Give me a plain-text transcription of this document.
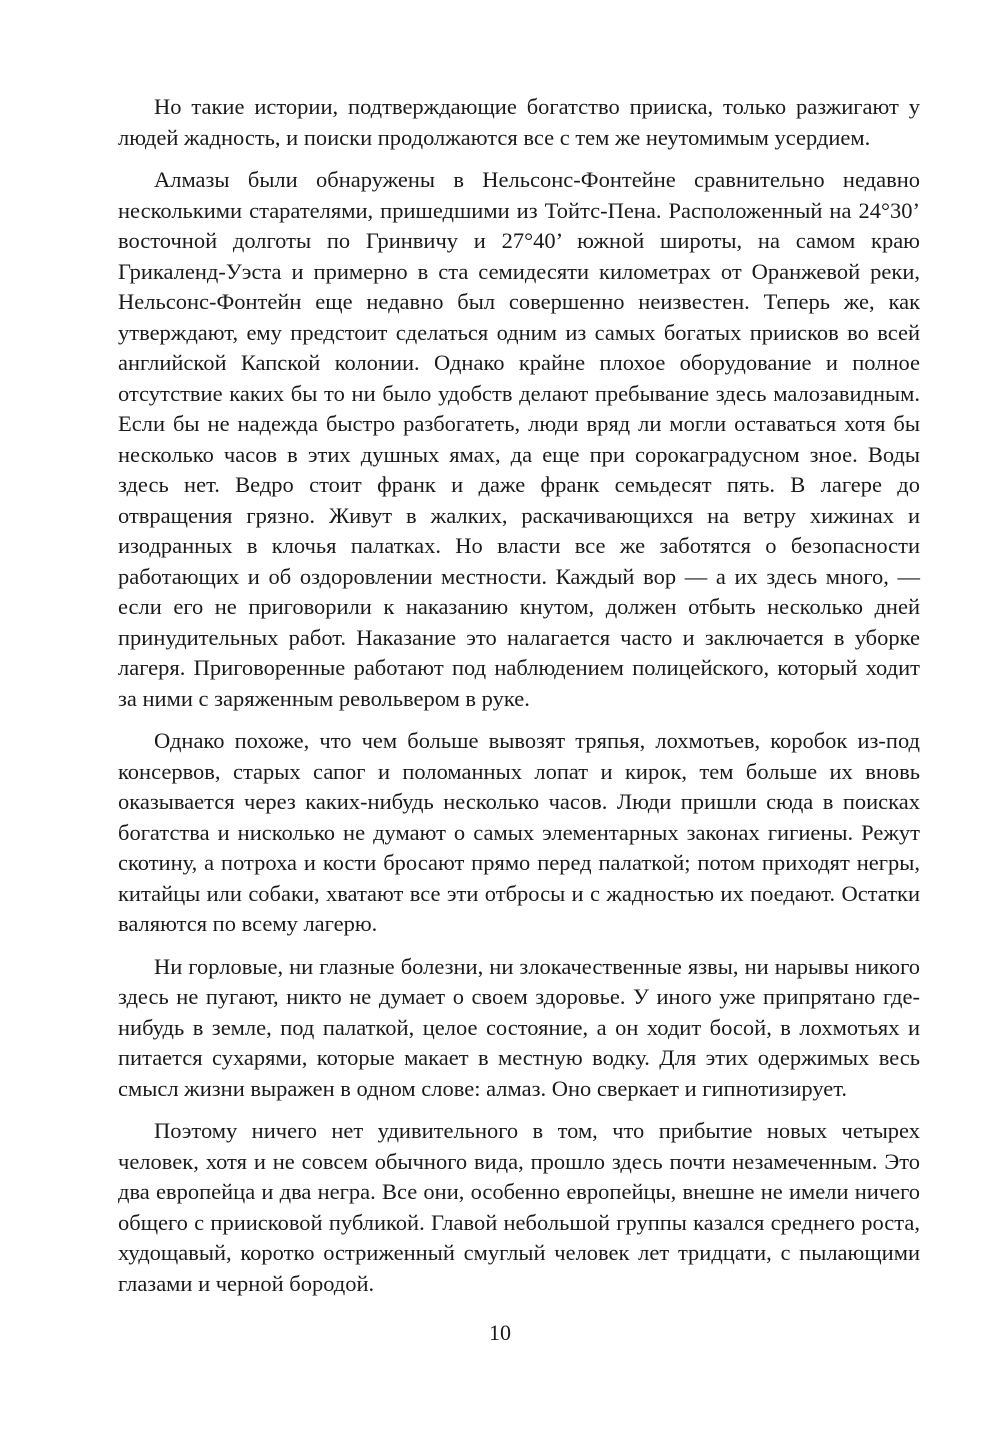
Но такие истории, подтверждающие богатство прииска, только разжигают у людей жадность, и поиски продолжаются все с тем же неутомимым усердием.

Алмазы были обнаружены в Нельсонс-Фонтейне сравнительно недавно несколькими старателями, пришедшими из Тойтс-Пена. Расположенный на 24°30’ восточной долготы по Гринвичу и 27°40’ южной широты, на самом краю Грикаленд-Уэста и примерно в ста семидесяти километрах от Оранжевой реки, Нельсонс-Фонтейн еще недавно был совершенно неизвестен. Теперь же, как утверждают, ему предстоит сделаться одним из самых богатых приисков во всей английской Капской колонии. Однако крайне плохое оборудование и полное отсутствие каких бы то ни было удобств делают пребывание здесь малозавидным. Если бы не надежда быстро разбогатеть, люди вряд ли могли оставаться хотя бы несколько часов в этих душных ямах, да еще при сорокаградусном зное. Воды здесь нет. Ведро стоит франк и даже франк семьдесят пять. В лагере до отвращения грязно. Живут в жалких, раскачивающихся на ветру хижинах и изодранных в клочья палатках. Но власти все же заботятся о безопасности работающих и об оздоровлении местности. Каждый вор — а их здесь много, — если его не приговорили к наказанию кнутом, должен отбыть несколько дней принудительных работ. Наказание это налагается часто и заключается в уборке лагеря. Приговоренные работают под наблюдением полицейского, который ходит за ними с заряженным револьвером в руке.

Однако похоже, что чем больше вывозят тряпья, лохмотьев, коробок из-под консервов, старых сапог и поломанных лопат и кирок, тем больше их вновь оказывается через каких-нибудь несколько часов. Люди пришли сюда в поисках богатства и нисколько не думают о самых элементарных законах гигиены. Режут скотину, а потроха и кости бросают прямо перед палаткой; потом приходят негры, китайцы или собаки, хватают все эти отбросы и с жадностью их поедают. Остатки валяются по всему лагерю.

Ни горловые, ни глазные болезни, ни злокачественные язвы, ни нарывы никого здесь не пугают, никто не думает о своем здоровье. У иного уже припрятано где-нибудь в земле, под палаткой, целое состояние, а он ходит босой, в лохмотьях и питается сухарями, которые макает в местную водку. Для этих одержимых весь смысл жизни выражен в одном слове: алмаз. Оно сверкает и гипнотизирует.

Поэтому ничего нет удивительного в том, что прибытие новых четырех человек, хотя и не совсем обычного вида, прошло здесь почти незамеченным. Это два европейца и два негра. Все они, особенно европейцы, внешне не имели ничего общего с приисковой публикой. Главой небольшой группы казался среднего роста, худощавый, коротко остриженный смуглый человек лет тридцати, с пылающими глазами и черной бородой.

10
